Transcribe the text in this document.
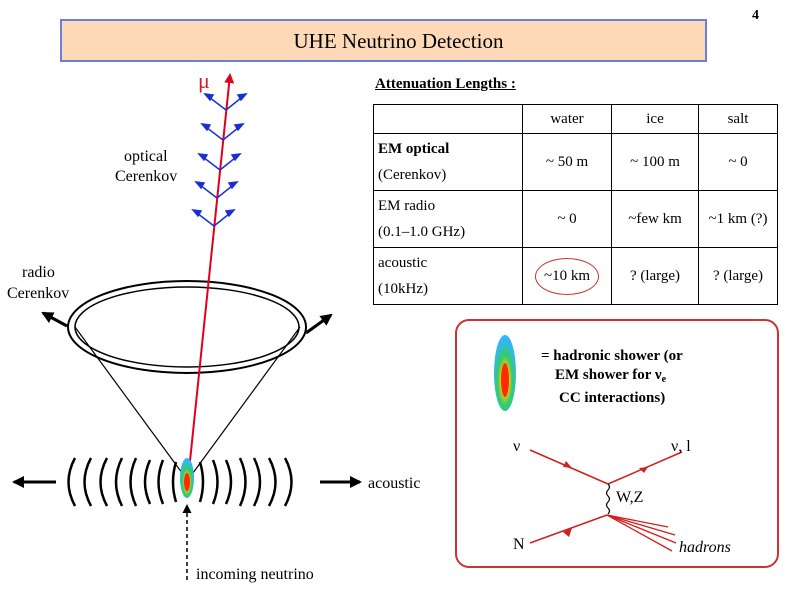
4
UHE Neutrino Detection
μ
optical
Cerenkov
radio
Cerenkov
acoustic
incoming neutrino
Attenuation Lengths :
	water	ice	salt

EM optical
(Cerenkov)	~ 50 m	~ 100 m	~ 0

EM radio
(0.1–1.0 GHz)	~ 0	~few km	~1 km (?)

acoustic
(10kHz)	~10 km	? (large)	? (large)
= hadronic shower (or
EM shower for $\nu_e$
CC interactions)
ν	ν, l
W,Z
N	hadrons
